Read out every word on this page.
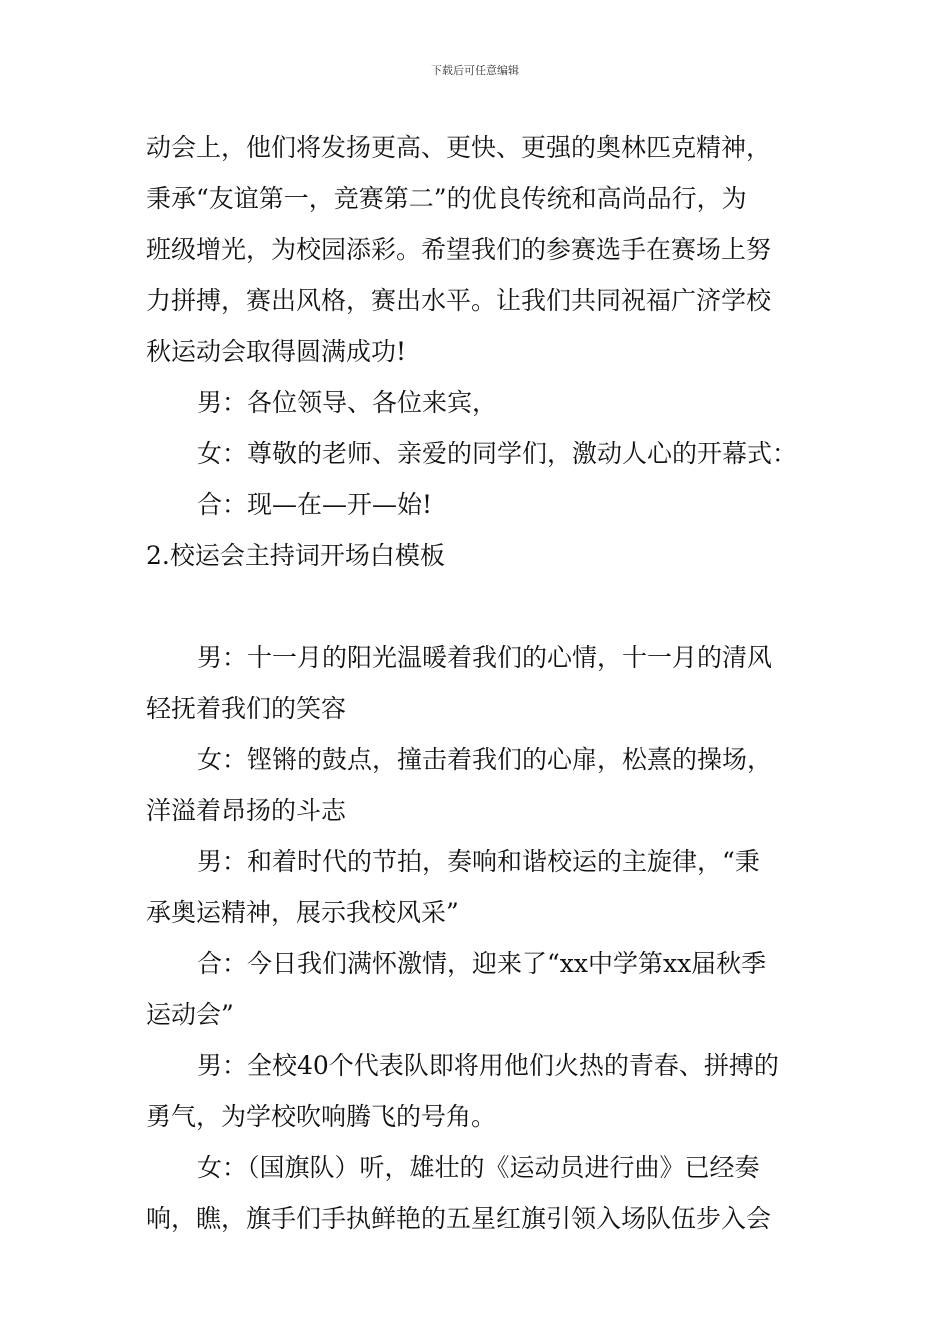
下载后可任意编辑
动会上，他们将发扬更高、更快、更强的奥林匹克精神，
秉承“友谊第一，竞赛第二”的优良传统和高尚品行，为
班级增光，为校园添彩。希望我们的参赛选手在赛场上努
力拼搏，赛出风格，赛出水平。让我们共同祝福广济学校
秋运动会取得圆满成功!
男：各位领导、各位来宾，
女：尊敬的老师、亲爱的同学们，激动人心的开幕式：
合：现—在—开—始!
2.校运会主持词开场白模板
男：十一月的阳光温暖着我们的心情，十一月的清风
轻抚着我们的笑容
女：铿锵的鼓点，撞击着我们的心扉，松熹的操场，
洋溢着昂扬的斗志
男：和着时代的节拍，奏响和谐校运的主旋律，“秉
承奥运精神，展示我校风采”
合：今日我们满怀激情，迎来了“xx中学第xx届秋季
运动会”
男：全校40个代表队即将用他们火热的青春、拼搏的
勇气，为学校吹响腾飞的号角。
女：（国旗队）听，雄壮的《运动员进行曲》已经奏
响，瞧，旗手们手执鲜艳的五星红旗引领入场队伍步入会
